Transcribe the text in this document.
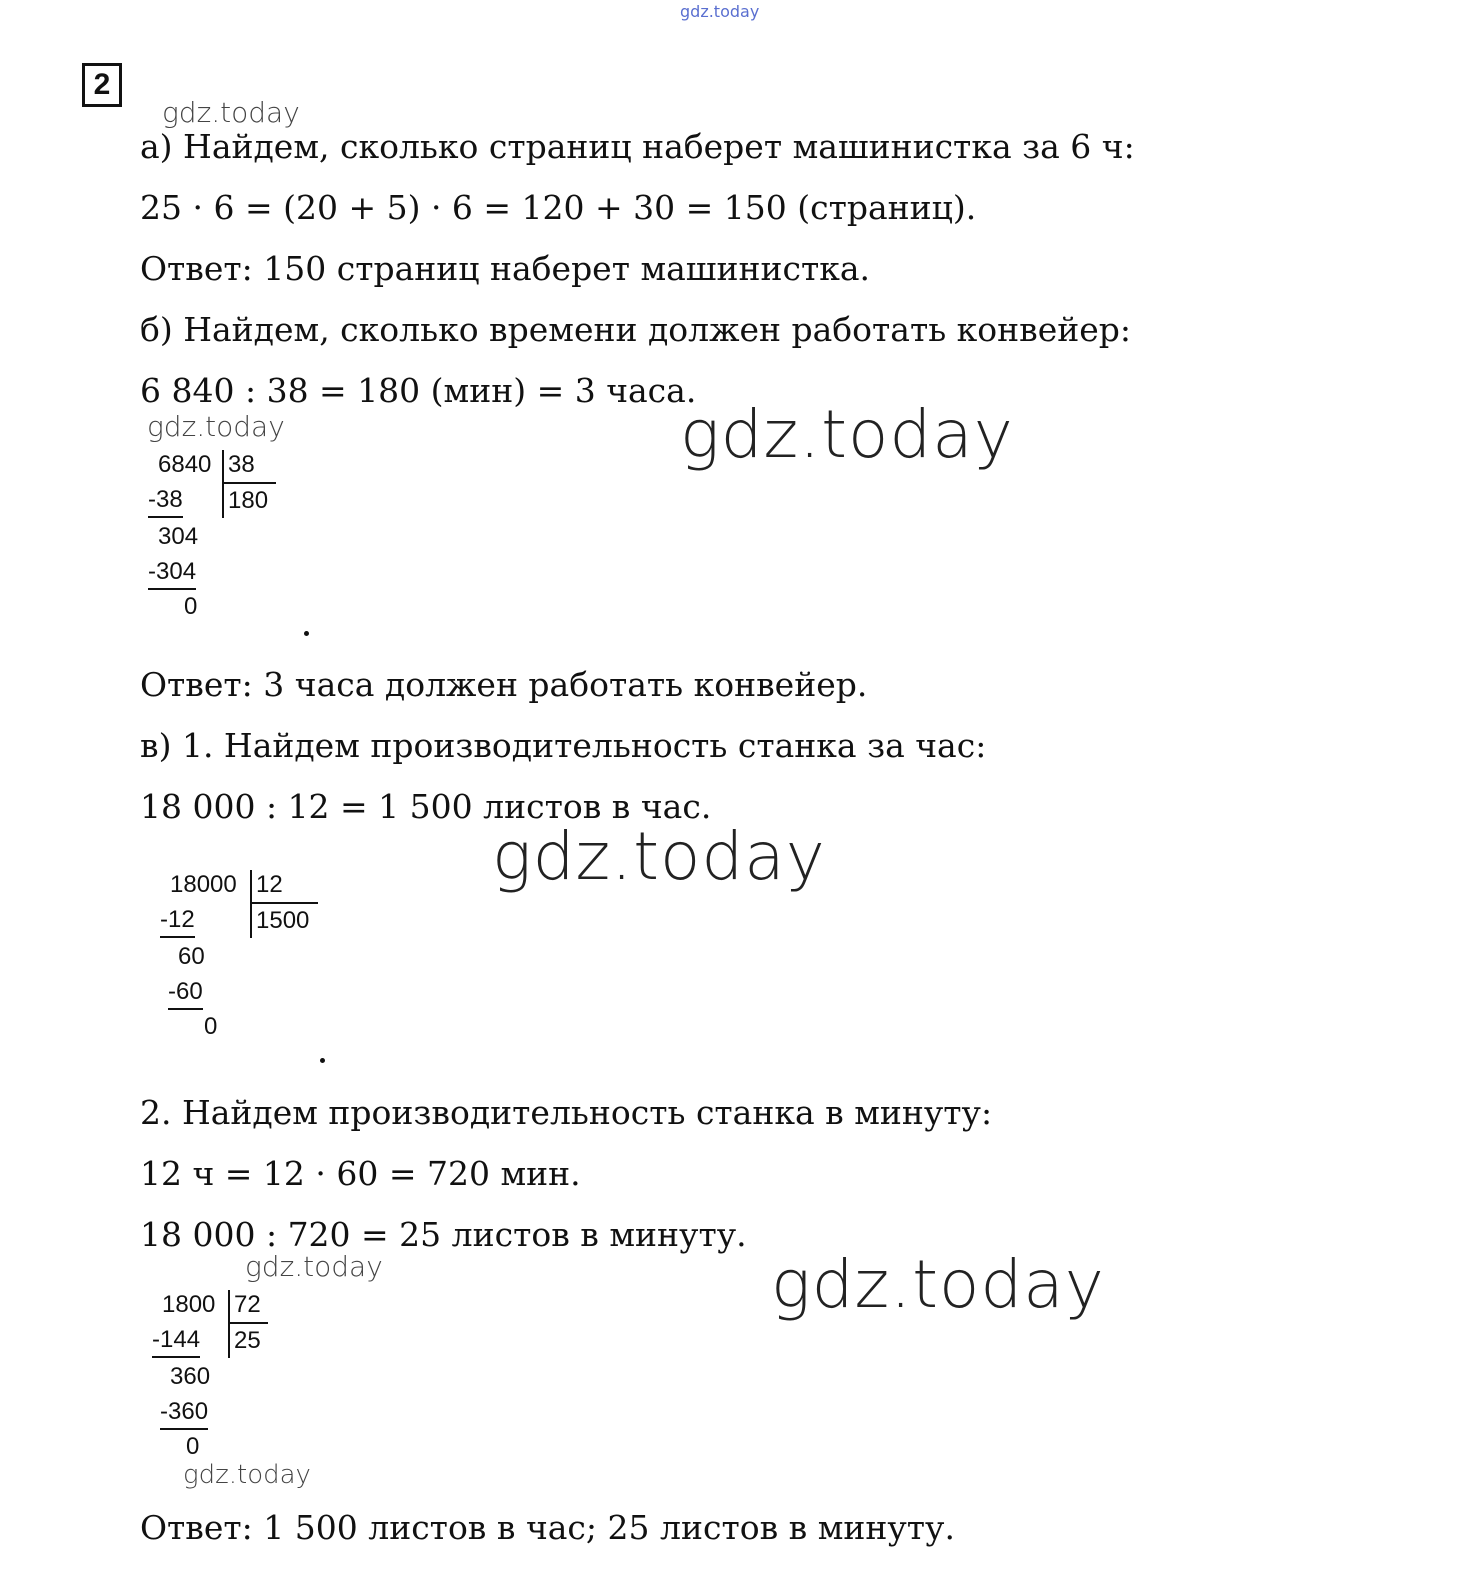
gdz.today
2
gdz.today
gdz.today
gdz.today
gdz.today
gdz.today
gdz.today
gdz.today
а) Найдем, сколько страниц наберет машинистка за 6 ч:
25 · 6 = (20 + 5) · 6 = 120 + 30 = 150 (страниц).
Ответ: 150 страниц наберет машинистка.
б) Найдем, сколько времени должен работать конвейер:
6 840 : 38 = 180 (мин) = 3 часа.
Ответ: 3 часа должен работать конвейер.
в) 1. Найдем производительность станка за час:
18 000 : 12 = 1 500 листов в час.
2. Найдем производительность станка в минуту:
12 ч = 12 · 60 = 720 мин.
18 000 : 720 = 25 листов в минуту.
Ответ: 1 500 листов в час; 25 листов в минуту.
6840 38
180
-38
304
-304
0
18000 12
1500
-12
60
-60
0
1800 72
25
-144
360
-360
0
